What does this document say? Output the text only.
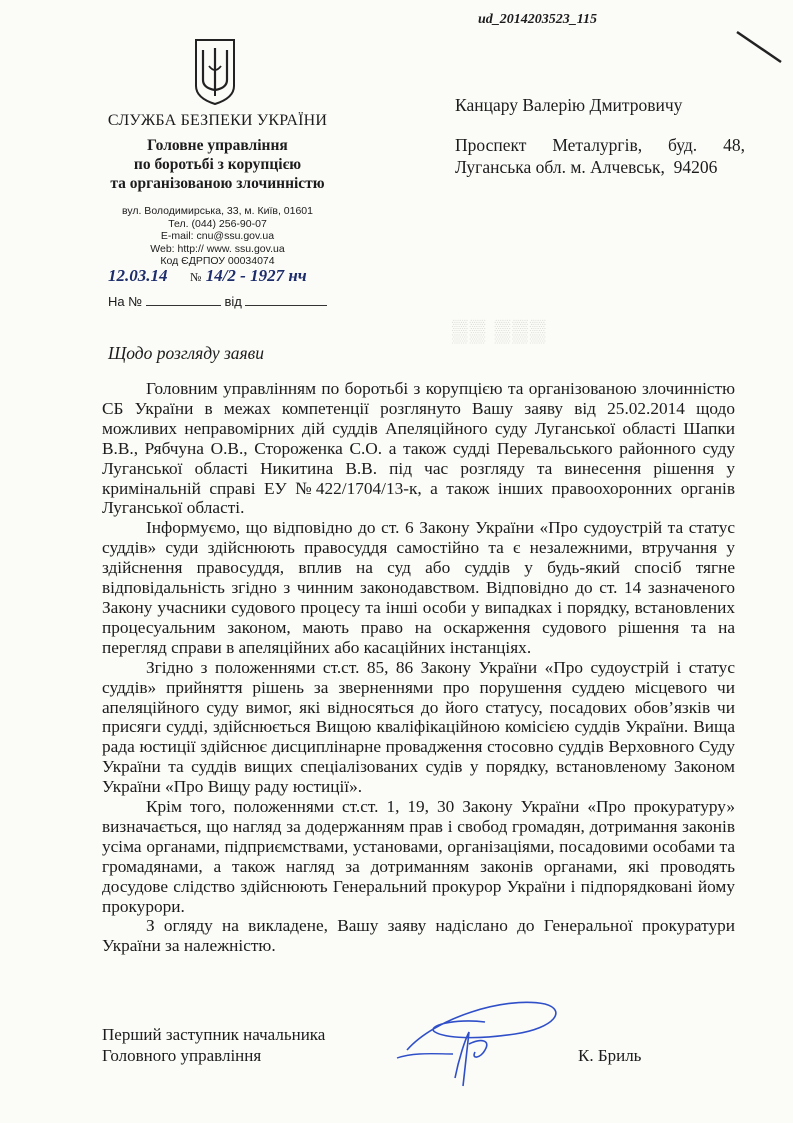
ud_2014203523_115
СЛУЖБА БЕЗПЕКИ УКРАЇНИ
Головне управління
по боротьбі з корупцією
та організованою злочинністю
вул. Володимирська, 33, м. Київ, 01601
Тел. (044) 256-90-07
E-mail: cnu@ssu.gov.ua
Web: http:// www. ssu.gov.ua
Код ЄДРПОУ 00034074
12.03.14 № 14/2 - 1927 нч
На №	від
Канцару Валерію Дмитровичу
Проспект Металургів, буд. 48,
Луганська обл. м. Алчевськ,  94206
▒▒ ▒▒▒
Щодо розгляду заяви

Головним управлінням по боротьбі з корупцією та організованою злочинністю СБ України в межах компетенції розглянуто Вашу заяву від 25.02.2014 щодо можливих неправомірних дій суддів Апеляційного суду Луганської області Шапки В.В., Рябчуна О.В., Стороженка С.О. а також судді Перевальського районного суду Луганської області Никитина В.В. під час розгляду та винесення рішення у кримінальній справі ЕУ №422/1704/13-к, а також інших правоохоронних органів Луганської області.

Інформуємо, що відповідно до ст. 6 Закону України «Про судоустрій та статус суддів» суди здійснюють правосуддя самостійно та є незалежними, втручання у здійснення правосуддя, вплив на суд або суддів у будь-який спосіб тягне відповідальність згідно з чинним законодавством. Відповідно до ст. 14 зазначеного Закону учасники судового процесу та інші особи у випадках і порядку, встановлених процесуальним законом, мають право на оскарження судового рішення та на перегляд справи в апеляційних або касаційних інстанціях.

Згідно з положеннями ст.ст. 85, 86 Закону України «Про судоустрій і статус суддів» прийняття рішень за зверненнями про порушення суддею місцевого чи апеляційного суду вимог, які відносяться до його статусу, посадових обов’язків чи присяги судді, здійснюється Вищою кваліфікаційною комісією суддів України. Вища рада юстиції здійснює дисциплінарне провадження стосовно суддів Верховного Суду України та суддів вищих спеціалізованих судів у порядку, встановленому Законом України «Про Вищу раду юстиції».

Крім того, положеннями ст.ст. 1, 19, 30 Закону України «Про прокуратуру» визначається, що нагляд за додержанням прав і свобод громадян, дотримання законів усіма органами, підприємствами, установами, організаціями, посадовими особами та громадянами, а також нагляд за дотриманням законів органами, які проводять досудове слідство здійснюють Генеральний прокурор України і підпорядковані йому прокурори.

З огляду на викладене, Вашу заяву надіслано до Генеральної прокуратури України за належністю.

Перший заступник начальника
Головного управління	К. Бриль
